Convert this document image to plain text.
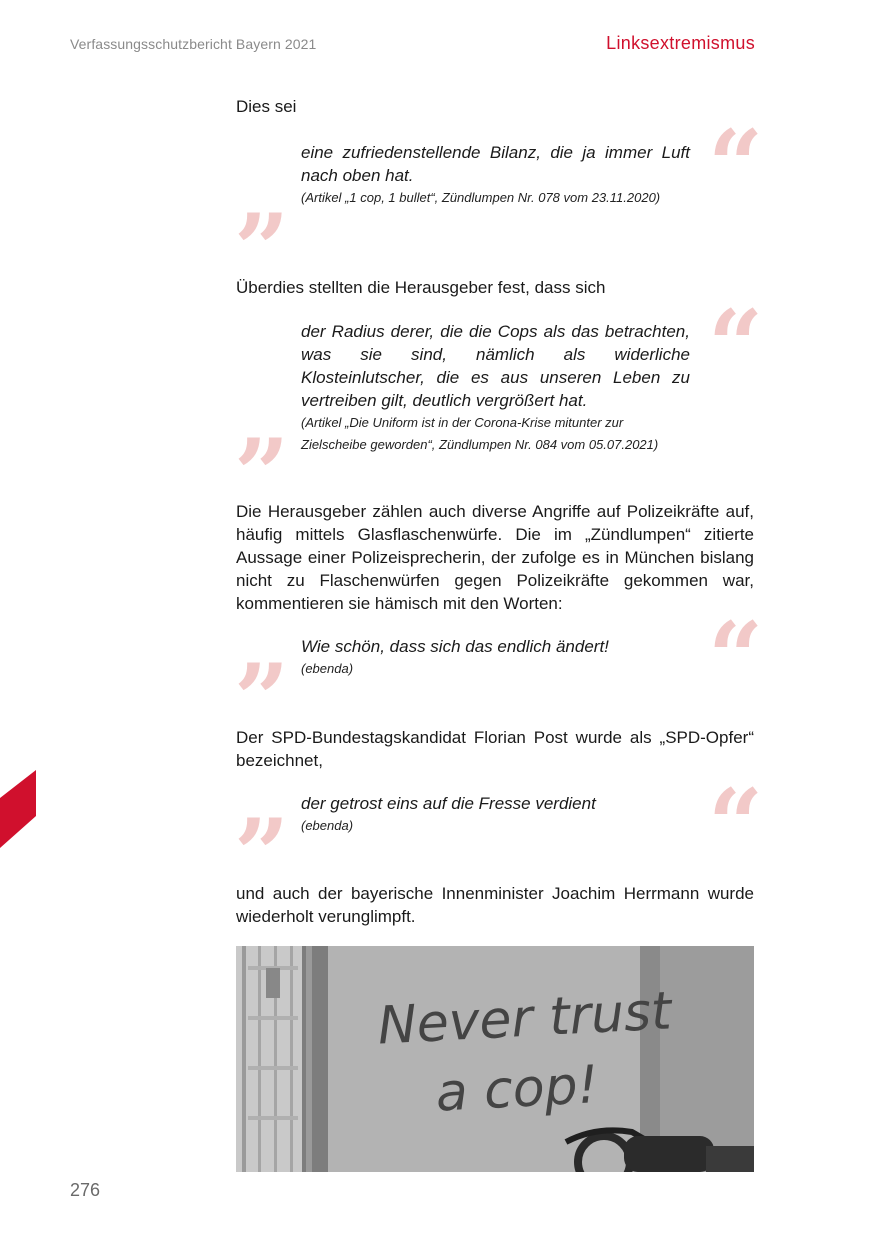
Verfassungsschutzbericht Bayern 2021	Linksextremismus
Dies sei
“
eine zufriedenstellende Bilanz, die ja immer Luft nach oben hat.
(Artikel „1 cop, 1 bullet“, Zündlumpen Nr. 078 vom 23.11.2020)
”
Überdies stellten die Herausgeber fest, dass sich
“
der Radius derer, die die Cops als das betrachten, was sie sind, nämlich als widerliche Klosteinlutscher, die es aus unseren Leben zu vertreiben gilt, deutlich vergrößert hat.
(Artikel „Die Uniform ist in der Corona-Krise mitunter zur Zielscheibe geworden“, Zündlumpen Nr. 084 vom 05.07.2021)
”
Die Herausgeber zählen auch diverse Angriffe auf Polizeikräfte auf, häufig mittels Glasflaschenwürfe. Die im „Zündlumpen“ zitierte Aussage einer Polizeisprecherin, der zufolge es in München bislang nicht zu Flaschenwürfen gegen Polizeikräfte gekommen war, kommentieren sie hämisch mit den Worten:	“
Wie schön, dass sich das endlich ändert!
(ebenda)
”
Der SPD-Bundestagskandidat Florian Post wurde als „SPD-Opfer“ bezeichnet,
“
der getrost eins auf die Fresse verdient
(ebenda)
”
und auch der bayerische Innenminister Joachim Herrmann wurde wiederholt verunglimpft.
Never trust
a cop!
276
